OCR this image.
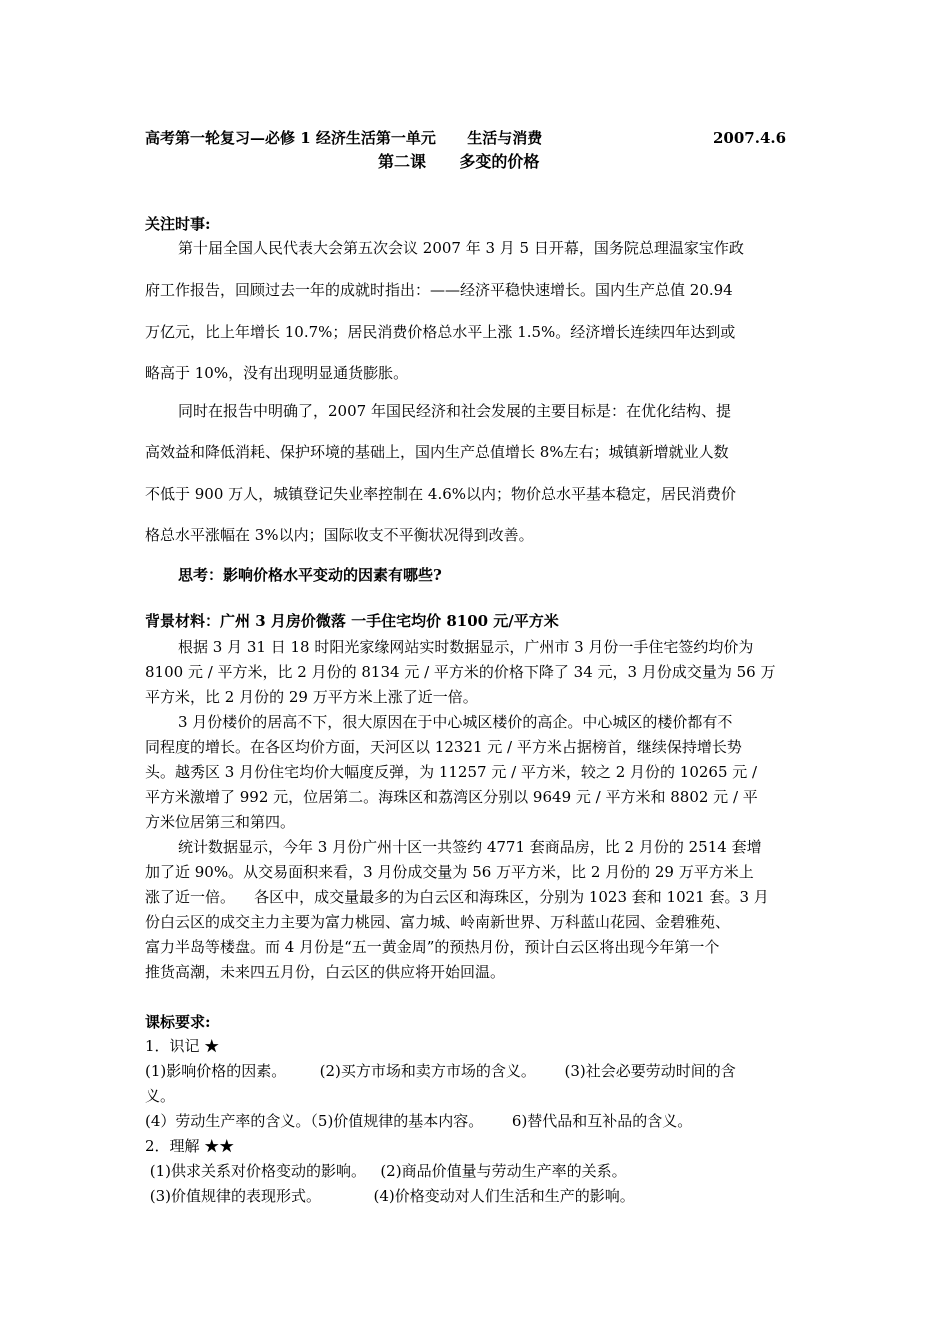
高考第一轮复习—必修 1 经济生活第一单元      生活与消费	2007.4.6
第二课      多变的价格
关注时事:
第十届全国人民代表大会第五次会议 2007 年 3 月 5 日开幕，国务院总理温家宝作政
府工作报告，回顾过去一年的成就时指出：——经济平稳快速增长。国内生产总值 20.94
万亿元，比上年增长 10.7%；居民消费价格总水平上涨 1.5%。经济增长连续四年达到或
略高于 10%，没有出现明显通货膨胀。
同时在报告中明确了，2007 年国民经济和社会发展的主要目标是：在优化结构、提
高效益和降低消耗、保护环境的基础上，国内生产总值增长 8%左右；城镇新增就业人数
不低于 900 万人，城镇登记失业率控制在 4.6%以内；物价总水平基本稳定，居民消费价
格总水平涨幅在 3%以内；国际收支不平衡状况得到改善。
思考：影响价格水平变动的因素有哪些?
背景材料：广州 3 月房价微落 一手住宅均价 8100 元/平方米
根据 3 月 31 日 18 时阳光家缘网站实时数据显示，广州市 3 月份一手住宅签约均价为
8100 元 / 平方米，比 2 月份的 8134 元 / 平方米的价格下降了 34 元，3 月份成交量为 56 万
平方米，比 2 月份的 29 万平方米上涨了近一倍。
3 月份楼价的居高不下，很大原因在于中心城区楼价的高企。中心城区的楼价都有不
同程度的增长。在各区均价方面，天河区以 12321 元 / 平方米占据榜首，继续保持增长势
头。越秀区 3 月份住宅均价大幅度反弹，为 11257 元 / 平方米，较之 2 月份的 10265 元 /
平方米激增了 992 元，位居第二。海珠区和荔湾区分别以 9649 元 / 平方米和 8802 元 / 平
方米位居第三和第四。
统计数据显示，今年 3 月份广州十区一共签约 4771 套商品房，比 2 月份的 2514 套增
加了近 90%。从交易面积来看，3 月份成交量为 56 万平方米，比 2 月份的 29 万平方米上
涨了近一倍。    各区中，成交量最多的为白云区和海珠区，分别为 1023 套和 1021 套。3 月
份白云区的成交主力主要为富力桃园、富力城、岭南新世界、万科蓝山花园、金碧雅苑、
富力半岛等楼盘。而 4 月份是“五一黄金周”的预热月份，预计白云区将出现今年第一个
推货高潮，未来四五月份，白云区的供应将开始回温。
课标要求:
1．识记 ★
(1)影响价格的因素。       (2)买方市场和卖方市场的含义。      (3)社会必要劳动时间的含
义。
(4）劳动生产率的含义。（5)价值规律的基本内容。      6)替代品和互补品的含义。
2．理解 ★★
(1)供求关系对价格变动的影响。   (2)商品价值量与劳动生产率的关系。
(3)价值规律的表现形式。           (4)价格变动对人们生活和生产的影响。
